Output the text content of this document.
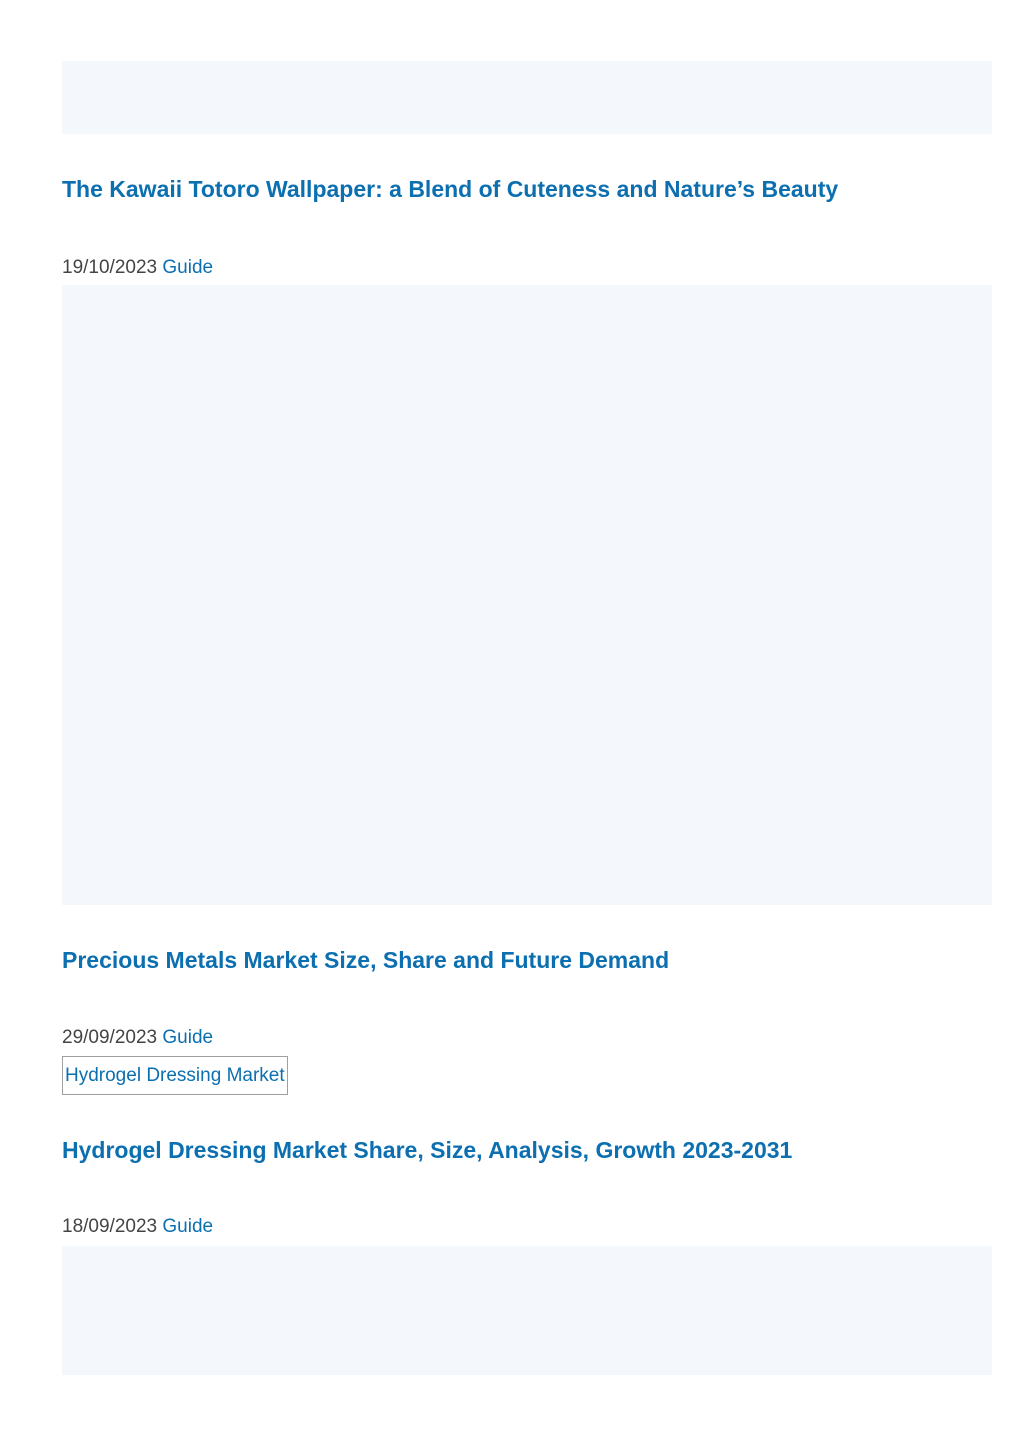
The Kawaii Totoro Wallpaper: a Blend of Cuteness and Nature’s Beauty
19/10/2023 Guide
Precious Metals Market Size, Share and Future Demand
29/09/2023 Guide
Hydrogel Dressing Market
Hydrogel Dressing Market Share, Size, Analysis, Growth 2023-2031
18/09/2023 Guide
